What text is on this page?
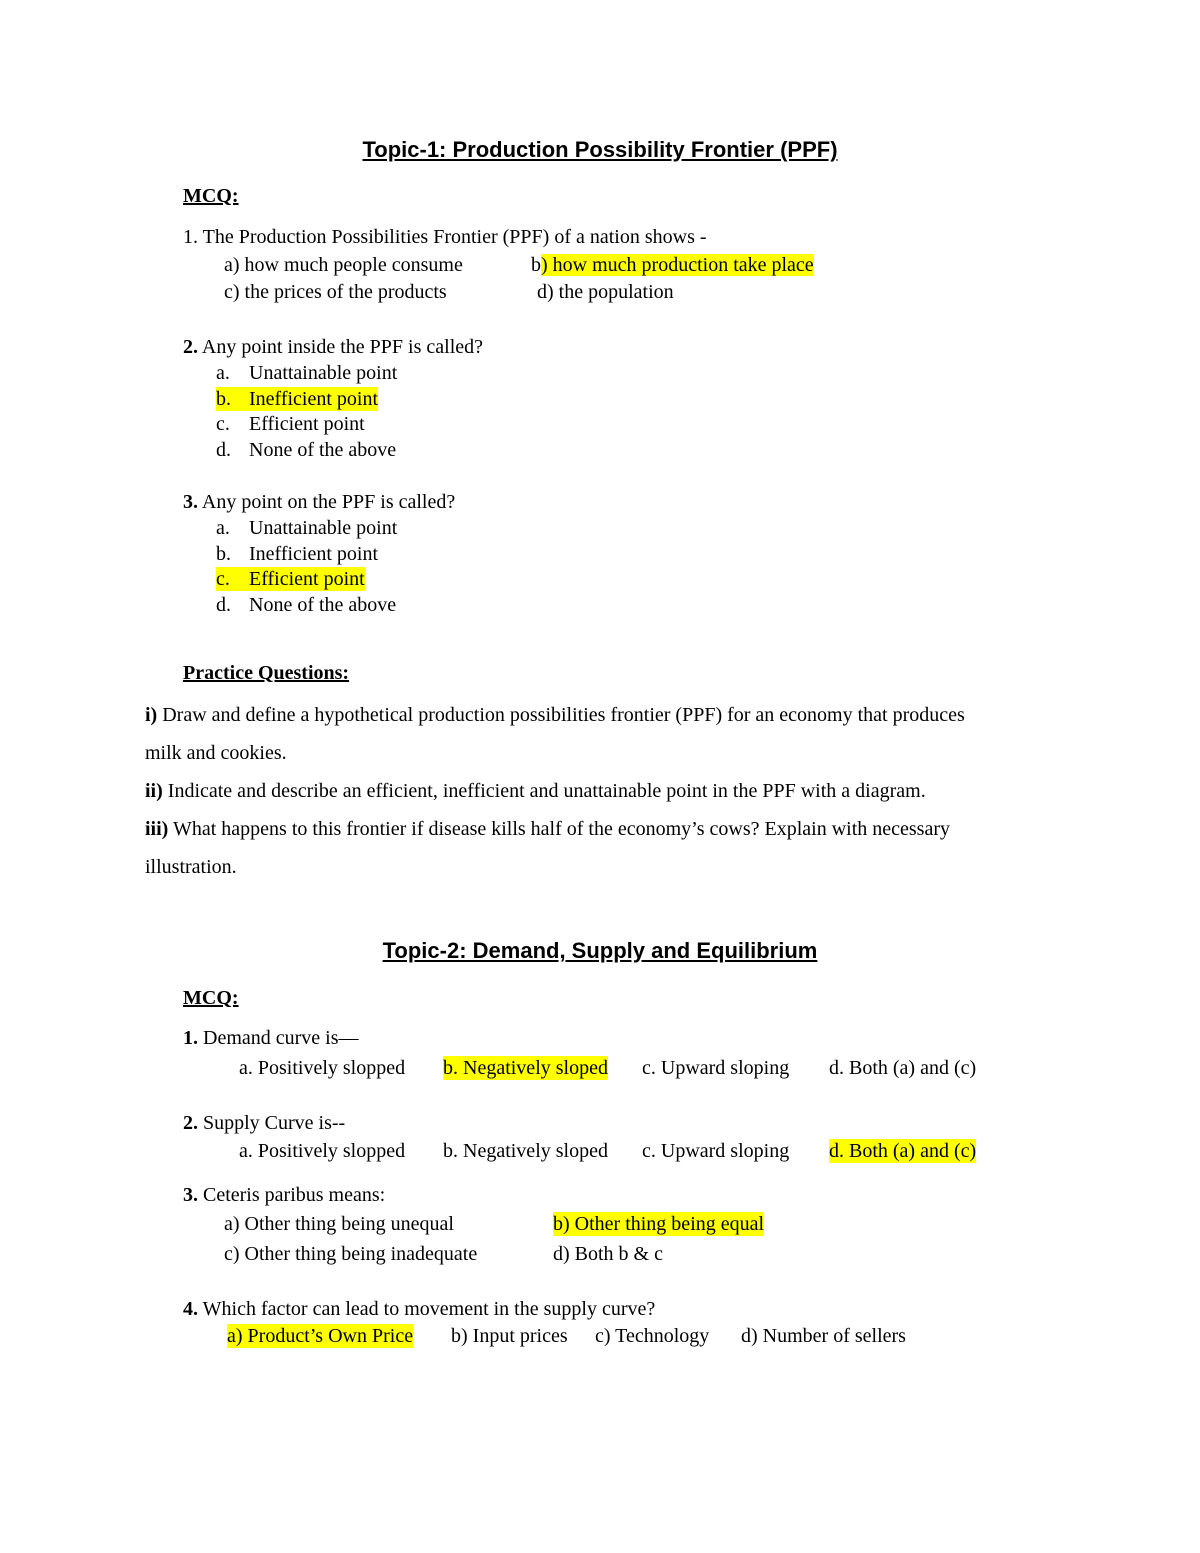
Topic-1: Production Possibility Frontier (PPF)
MCQ:
1. The Production Possibilities Frontier (PPF) of a nation shows -
a) how much people consume	b) how much production take place
c) the prices of the products	d) the population
2. Any point inside the PPF is called?
a. Unattainable point
b. Inefficient point
c. Efficient point
d. None of the above
3. Any point on the PPF is called?
a. Unattainable point
b. Inefficient point
c. Efficient point
d. None of the above
Practice Questions:
i) Draw and define a hypothetical production possibilities frontier (PPF) for an economy that produces
milk and cookies.
ii) Indicate and describe an efficient, inefficient and unattainable point in the PPF with a diagram.
iii) What happens to this frontier if disease kills half of the economy’s cows? Explain with necessary
illustration.
Topic-2: Demand, Supply and Equilibrium
MCQ:
1. Demand curve is—
a. Positively slopped b. Negatively sloped c. Upward sloping d. Both (a) and (c)
2. Supply Curve is--
a. Positively slopped b. Negatively sloped c. Upward sloping d. Both (a) and (c)
3. Ceteris paribus means:
a) Other thing being unequal	b) Other thing being equal
c) Other thing being inadequate	d) Both b & c
4. Which factor can lead to movement in the supply curve?
a) Product’s Own Price b) Input prices c) Technology d) Number of sellers
